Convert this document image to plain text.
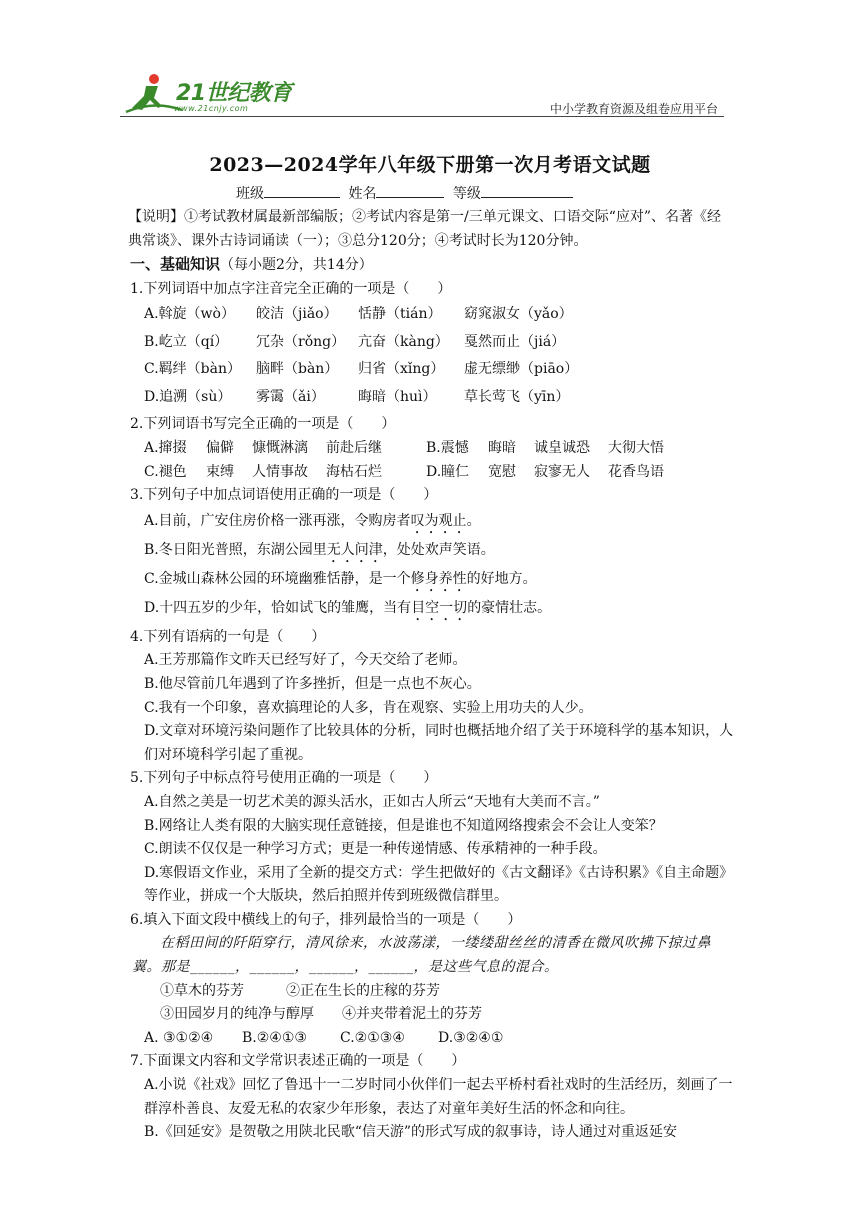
21世纪教育
www.21cnjy.com	中小学教育资源及组卷应用平台
2023—2024学年八年级下册第一次月考语文试题
班级	姓名	等级

【说明】①考试教材属最新部编版；②考试内容是第一/三单元课文、口语交际“应对”、名著《经典常谈》、课外古诗词诵读（一）；③总分120分；④考试时长为120分钟。

一、基础知识（每小题2分，共14分）

1.下列词语中加点字注音完全正确的一项是（　　）

A.斡旋（wò）	皎洁（jiǎo）	恬静（tián）	窈窕淑女（yǎo）
B.屹立（qí）	冗杂（rǒng） 亢奋（kàng）	戛然而止（jiá）
C.羁绊（bàn）	脑畔（bàn）	归省（xǐng）	虚无缥缈（piāo）
D.追溯（sù）	雾霭（ǎi）	晦暗（huì）	草长莺飞（yīn）

2.下列词语书写完全正确的一项是（　　）

A.撺掇	偏僻	慷慨淋漓	前赴后继	B.震憾	晦暗	诚皇诚恐	大彻大悟
C.褪色	束缚	人情事故	海枯石烂	D.瞳仁	宽慰	寂寥无人	花香鸟语

3.下列句子中加点词语使用正确的一项是（　　）

A.目前，广安住房价格一涨再涨，令购房者叹为观止。

B.冬日阳光普照，东湖公园里无人问津，处处欢声笑语。

C.金城山森林公园的环境幽雅恬静，是一个修身养性的好地方。

D.十四五岁的少年，恰如试飞的雏鹰，当有目空一切的豪情壮志。

4.下列有语病的一句是（　　）

A.王芳那篇作文昨天已经写好了，今天交给了老师。

B.他尽管前几年遇到了许多挫折，但是一点也不灰心。

C.我有一个印象，喜欢搞理论的人多，肯在观察、实验上用功夫的人少。

D.文章对环境污染问题作了比较具体的分析，同时也概括地介绍了关于环境科学的基本知识，人们对环境科学引起了重视。

5.下列句子中标点符号使用正确的一项是（　　）

A.自然之美是一切艺术美的源头活水，正如古人所云“天地有大美而不言。”

B.网络让人类有限的大脑实现任意链接，但是谁也不知道网络搜索会不会让人变笨？

C.朗读不仅仅是一种学习方式；更是一种传递情感、传承精神的一种手段。

D.寒假语文作业，采用了全新的提交方式：学生把做好的《古文翻译》《古诗积累》《自主命题》等作业，拼成一个大版块，然后拍照并传到班级微信群里。

6.填入下面文段中横线上的句子，排列最恰当的一项是（　　）

在稻田间的阡陌穿行，清风徐来，水波荡漾，一缕缕甜丝丝的清香在微风吹拂下掠过鼻翼。那是______，______，______，______，是这些气息的混合。

①草木的芬芳	②正在生长的庄稼的芬芳

③田园岁月的纯净与醇厚 ④并夹带着泥土的芬芳

A. ③①②④ B.②④①③ C.②①③④ D.③②④①

7.下面课文内容和文学常识表述正确的一项是（　　）

A.小说《社戏》回忆了鲁迅十一二岁时同小伙伴们一起去平桥村看社戏时的生活经历，刻画了一群淳朴善良、友爱无私的农家少年形象，表达了对童年美好生活的怀念和向往。

B.《回延安》是贺敬之用陕北民歌“信天游”的形式写成的叙事诗，诗人通过对重返延安
